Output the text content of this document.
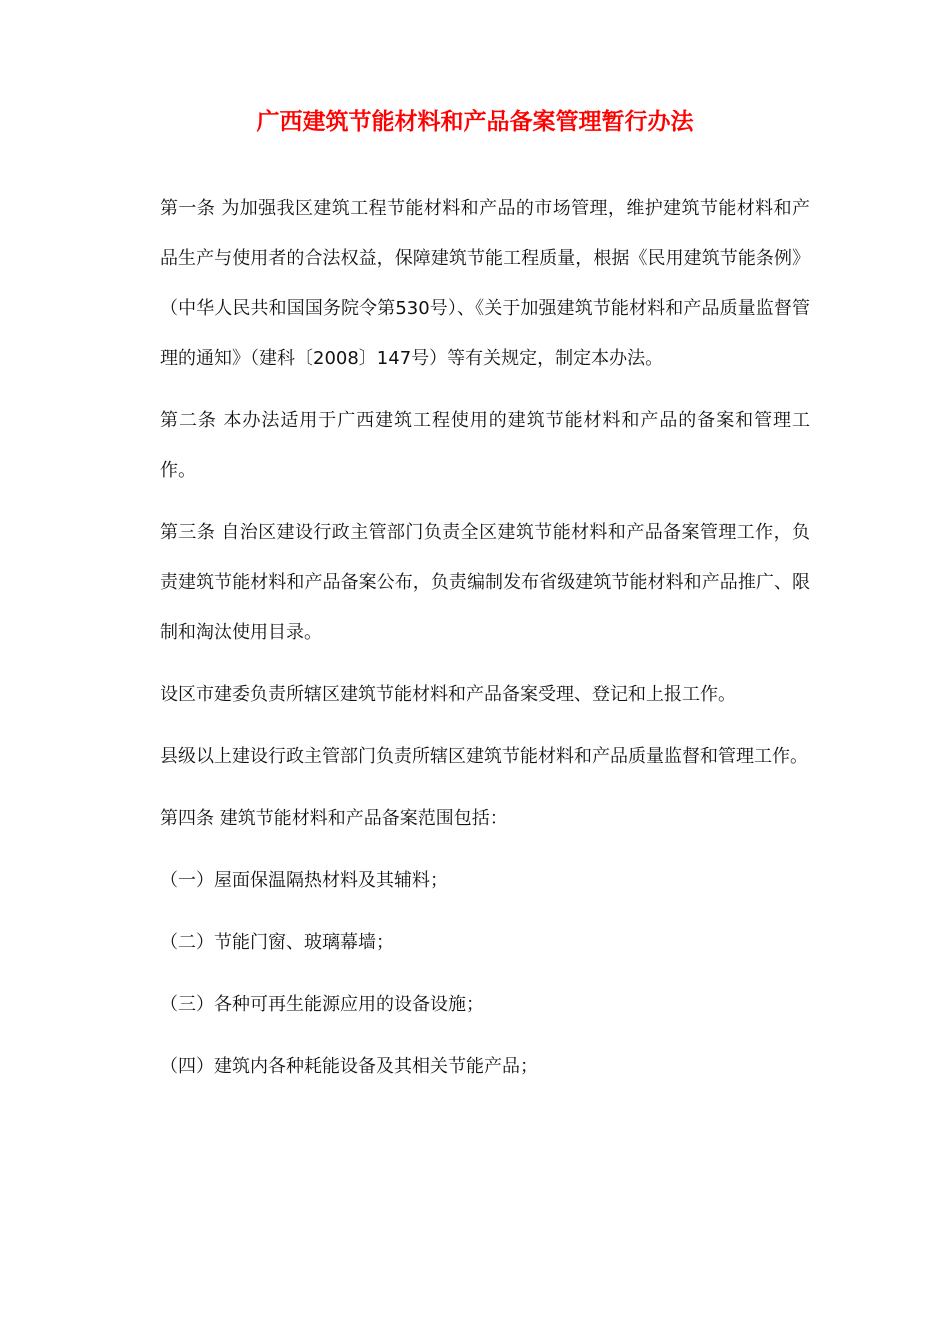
广西建筑节能材料和产品备案管理暂行办法

第一条 为加强我区建筑工程节能材料和产品的市场管理，维护建筑节能材料和产品生产与使用者的合法权益，保障建筑节能工程质量，根据《民用建筑节能条例》（中华人民共和国国务院令第530号）、《关于加强建筑节能材料和产品质量监督管理的通知》（建科〔2008〕147号）等有关规定，制定本办法。

第二条 本办法适用于广西建筑工程使用的建筑节能材料和产品的备案和管理工作。

第三条 自治区建设行政主管部门负责全区建筑节能材料和产品备案管理工作，负责建筑节能材料和产品备案公布，负责编制发布省级建筑节能材料和产品推广、限制和淘汰使用目录。

设区市建委负责所辖区建筑节能材料和产品备案受理、登记和上报工作。

县级以上建设行政主管部门负责所辖区建筑节能材料和产品质量监督和管理工作。

第四条 建筑节能材料和产品备案范围包括：

（一）屋面保温隔热材料及其辅料；

（二）节能门窗、玻璃幕墙；

（三）各种可再生能源应用的设备设施；

（四）建筑内各种耗能设备及其相关节能产品；
